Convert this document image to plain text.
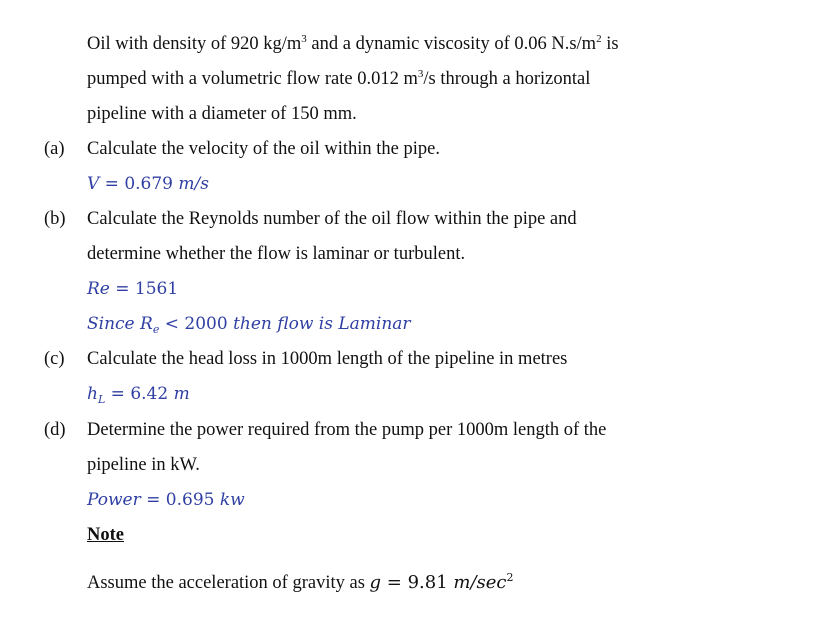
Oil with density of 920 $kg/m^3$ and a dynamic viscosity of 0.06 $N.s/m^2$ is
pumped with a volumetric flow rate 0.012 $m^3/s$ through a horizontal
pipeline with a diameter of 150 mm.
(a) Calculate the velocity of the oil within the pipe.
V = 0.679 m/s
(b) Calculate the Reynolds number of the oil flow within the pipe and
determine whether the flow is laminar or turbulent.
Re = 1561
Since $R_e < 2000$ then flow is Laminar
(c) Calculate the head loss in 1000m length of the pipeline in metres
$h_L = 6.42$ m
(d) Determine the power required from the pump per 1000m length of the
pipeline in kW.
Power = 0.695 kw
Note
Assume the acceleration of gravity as g = 9.81 $m/\sec^2$
